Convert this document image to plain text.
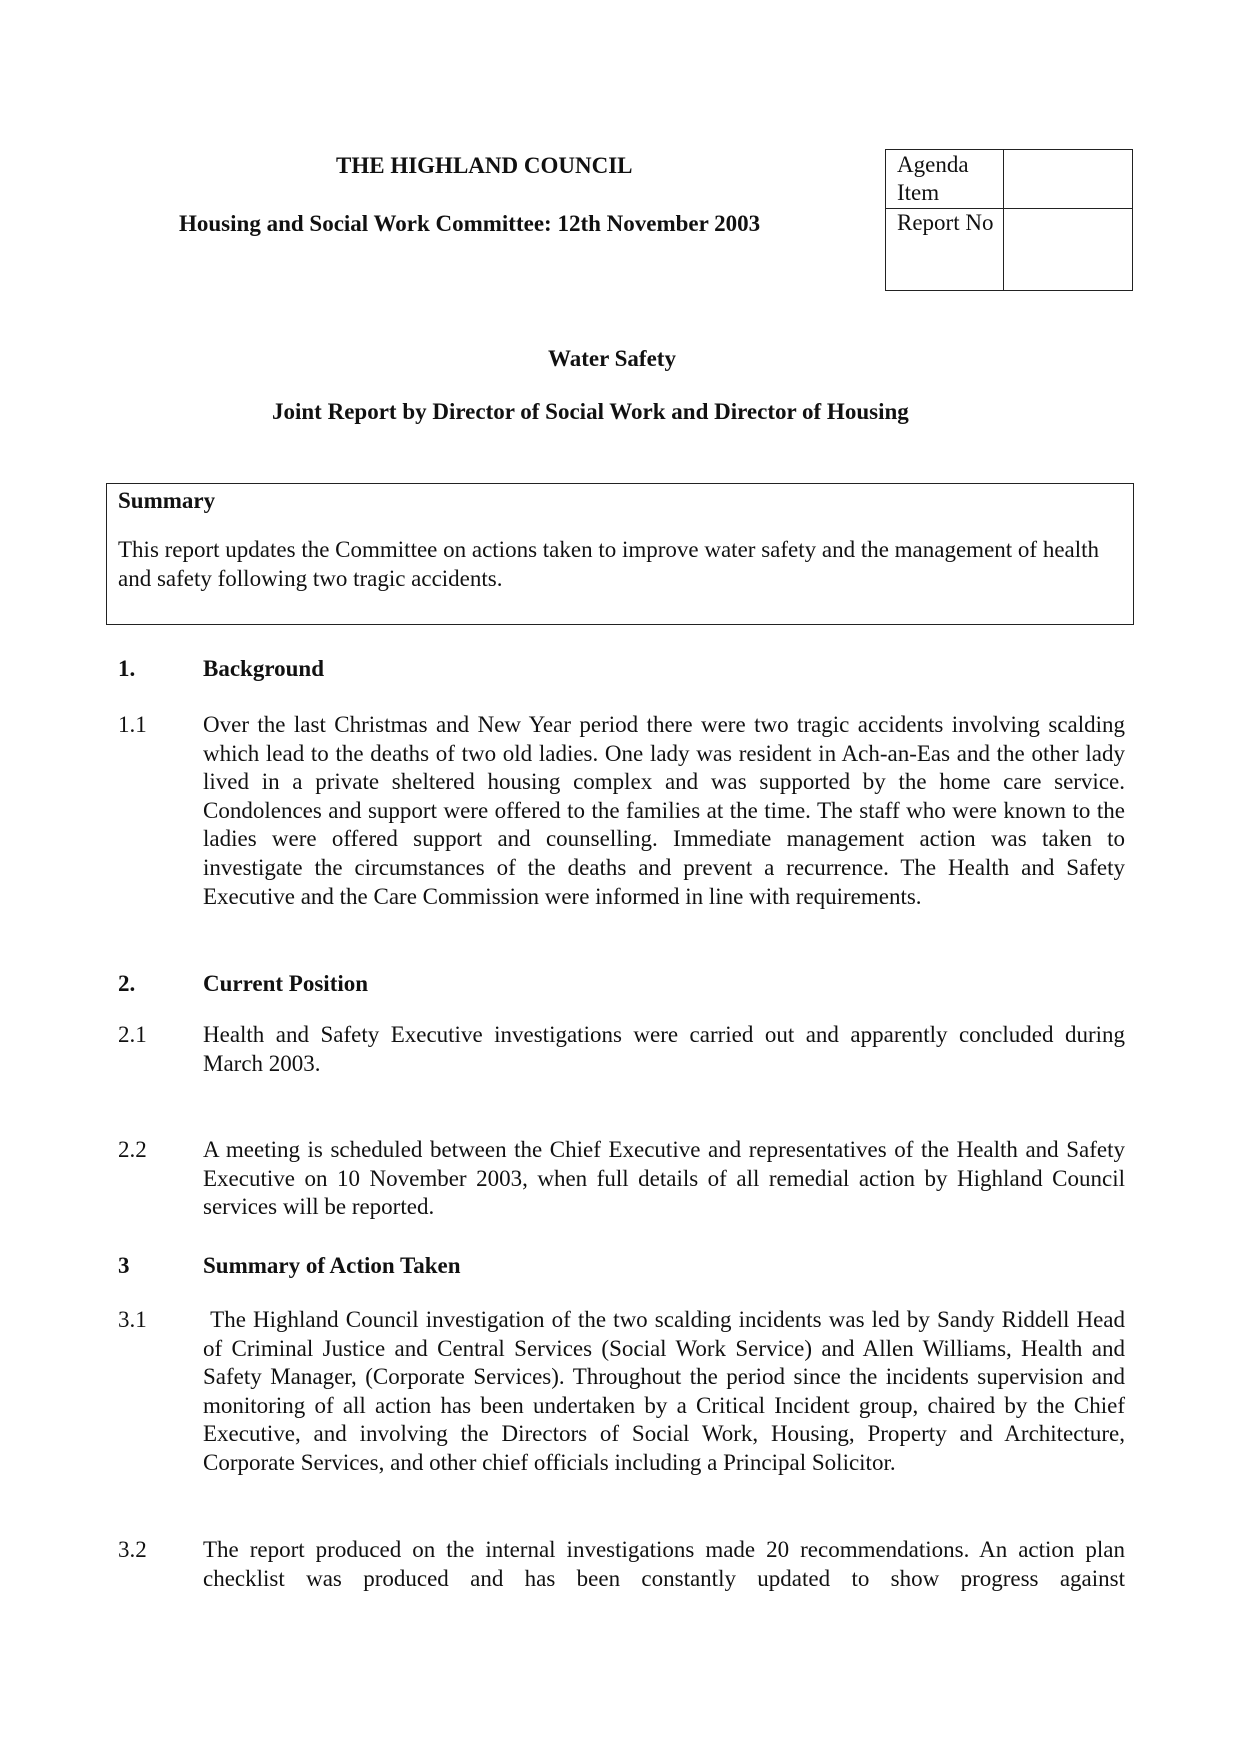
THE HIGHLAND COUNCIL
Housing and Social Work Committee: 12th November 2003
Agenda Item
Report No
Water Safety
Joint Report by Director of Social Work and Director of Housing
Summary
This report updates the Committee on actions taken to improve water safety and the management of health and safety following two tragic accidents.
1.	Background
1.1 Over the last Christmas and New Year period there were two tragic accidents involving scalding which lead to the deaths of two old ladies. One lady was resident in Ach-an-Eas and the other lady lived in a private sheltered housing complex and was supported by the home care service. Condolences and support were offered to the families at the time. The staff who were known to the ladies were offered support and counselling. Immediate management action was taken to investigate the circumstances of the deaths and prevent a recurrence. The Health and Safety Executive and the Care Commission were informed in line with requirements.
2.	Current Position
2.1 Health and Safety Executive investigations were carried out and apparently concluded during March 2003.
2.2 A meeting is scheduled between the Chief Executive and representatives of the Health and Safety Executive on 10 November 2003, when full details of all remedial action by Highland Council services will be reported.
3	Summary of Action Taken
3.1 The Highland Council investigation of the two scalding incidents was led by Sandy Riddell Head of Criminal Justice and Central Services (Social Work Service) and Allen Williams, Health and Safety Manager, (Corporate Services). Throughout the period since the incidents supervision and monitoring of all action has been undertaken by a Critical Incident group, chaired by the Chief Executive, and involving the Directors of Social Work, Housing, Property and Architecture, Corporate Services, and other chief officials including a Principal Solicitor.
3.2 The report produced on the internal investigations made 20 recommendations. An action plan checklist was produced and has been constantly updated to show progress against
